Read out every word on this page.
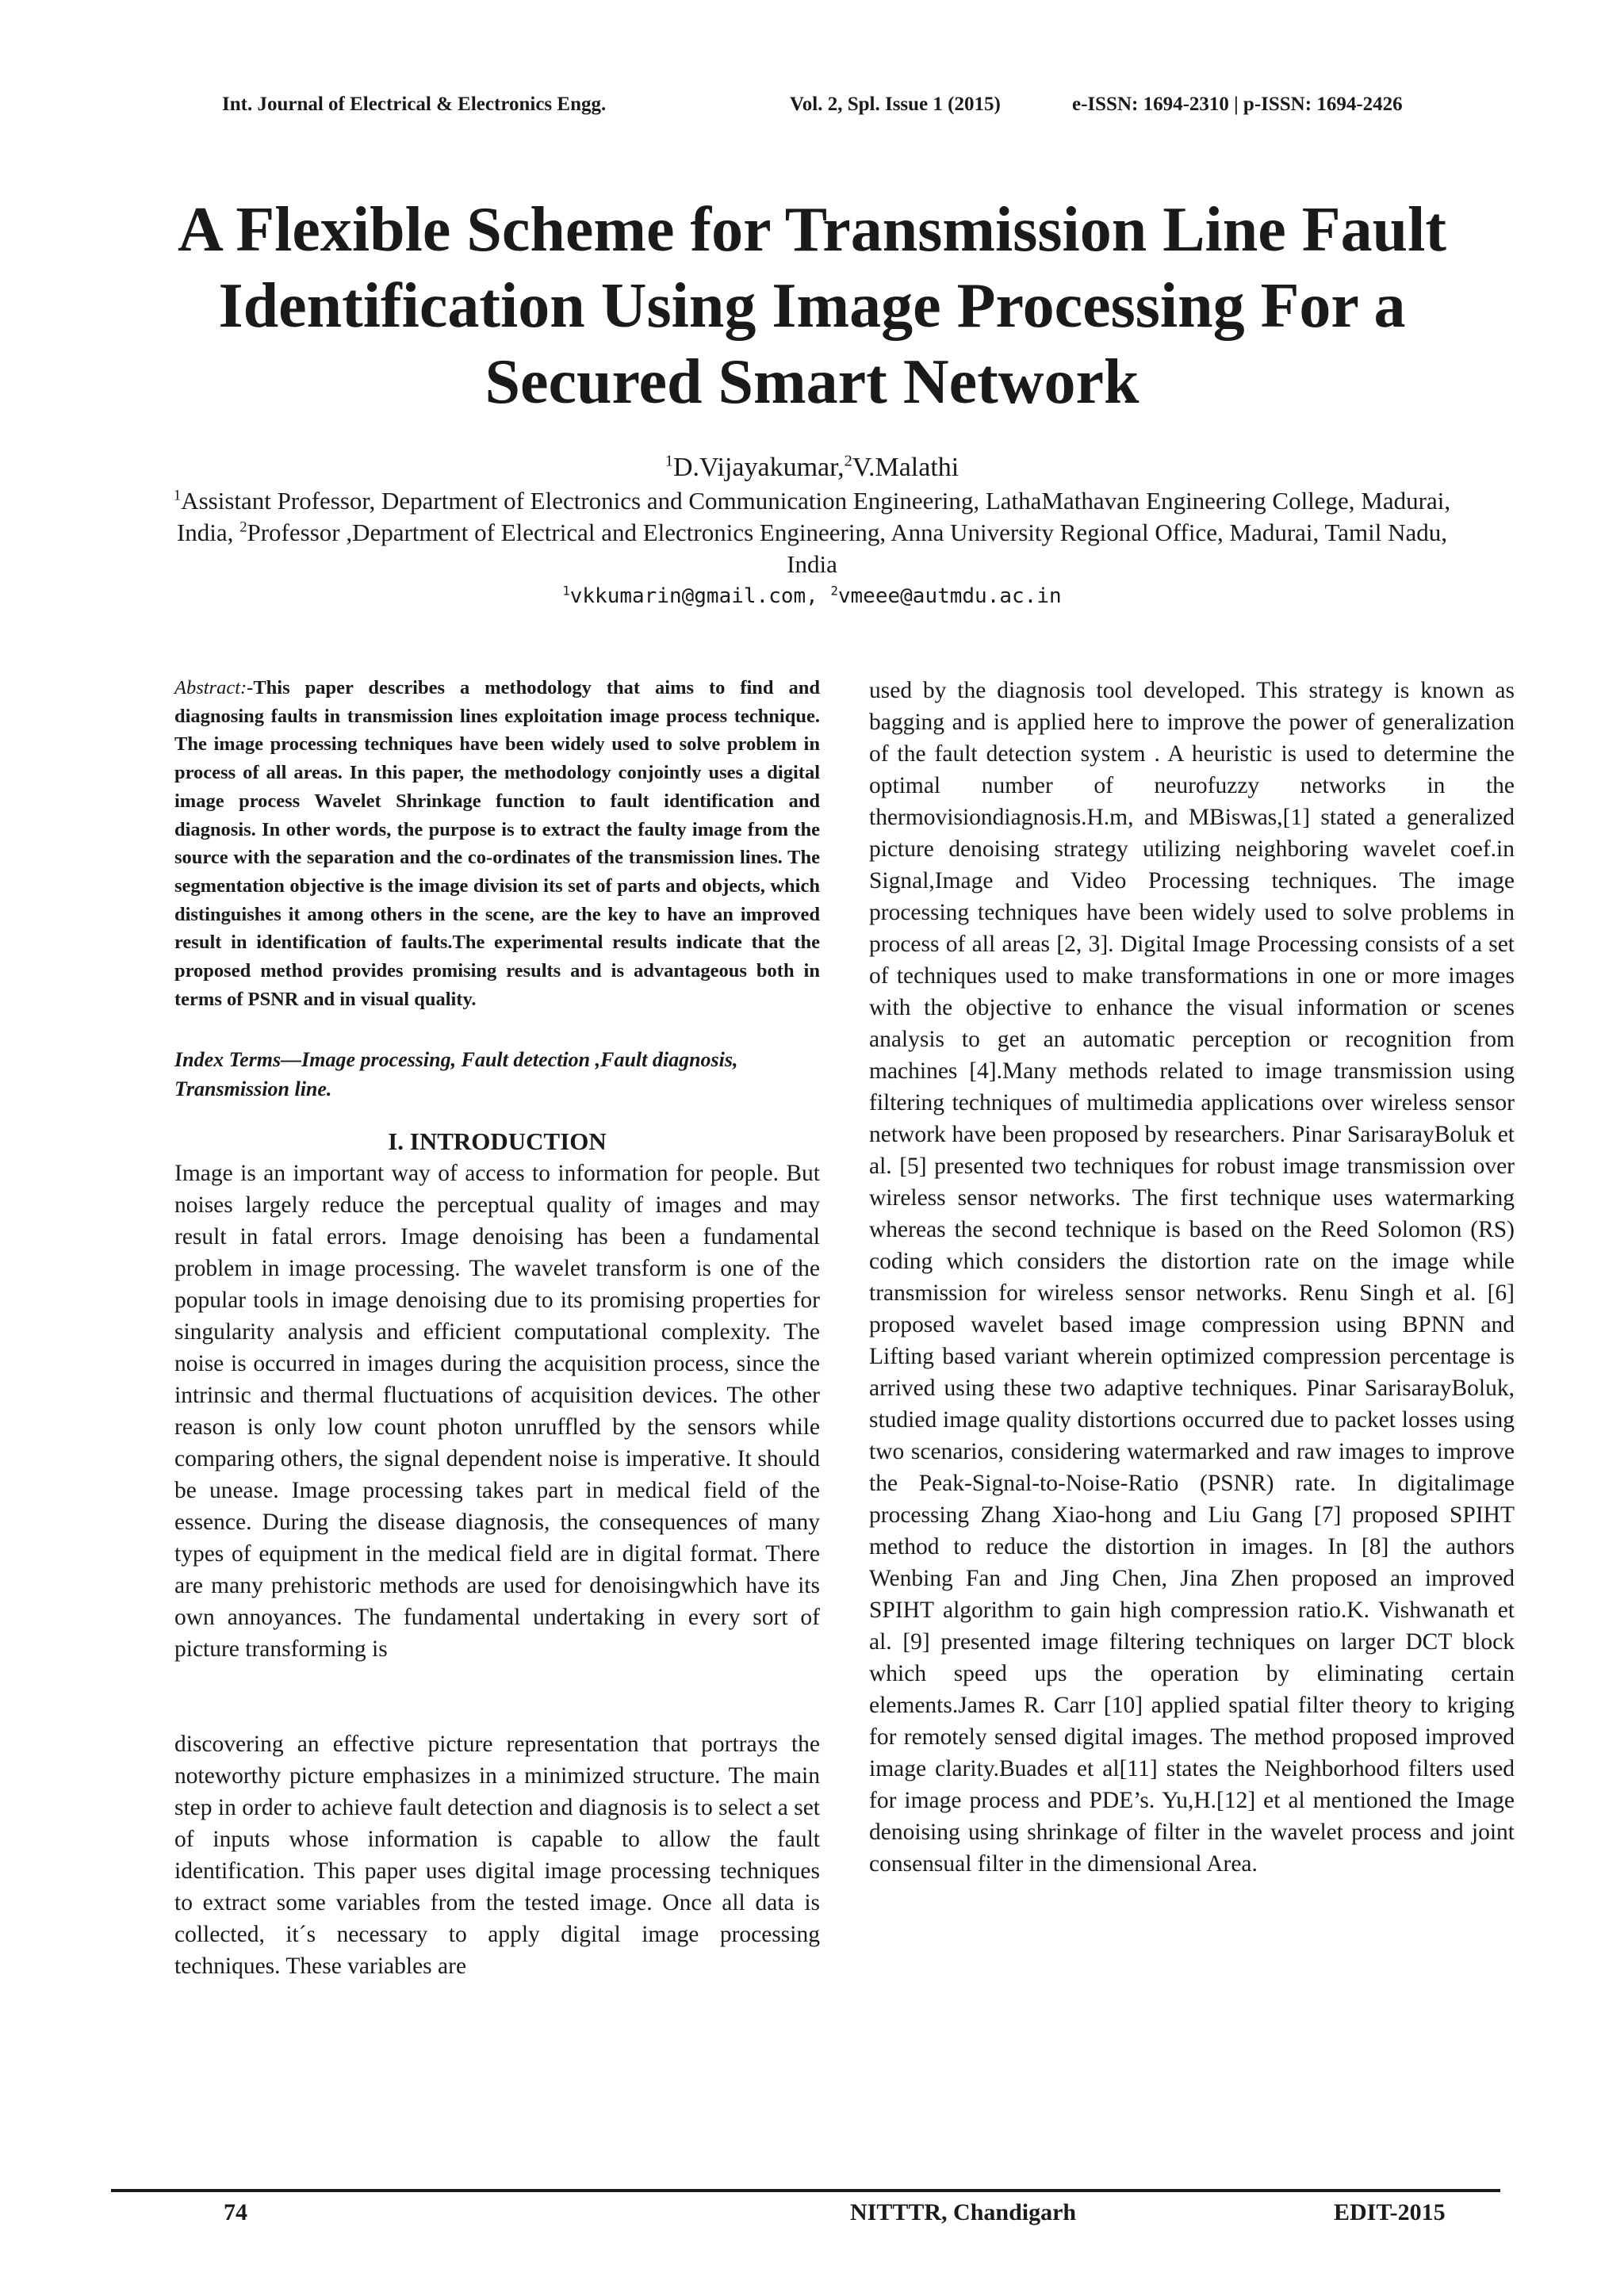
Int. Journal of Electrical & Electronics Engg.	Vol. 2, Spl. Issue 1 (2015)	e-ISSN: 1694-2310 | p-ISSN: 1694-2426
A Flexible Scheme for Transmission Line Fault Identification Using Image Processing For a Secured Smart Network
$^1$D.Vijayakumar,$^2$V.Malathi
$^1$Assistant Professor, Department of Electronics and Communication Engineering, LathaMathavan Engineering College, Madurai, India, $^2$Professor ,Department of Electrical and Electronics Engineering, Anna University Regional Office, Madurai, Tamil Nadu, India
$^1$vkkumarin@gmail.com, $^2$vmeee@autmdu.ac.in

Abstract:-This paper describes a methodology that aims to find and diagnosing faults in transmission lines exploitation image process technique. The image processing techniques have been widely used to solve problem in process of all areas. In this paper, the methodology conjointly uses a digital image process Wavelet Shrinkage function to fault identification and diagnosis. In other words, the purpose is to extract the faulty image from the source with the separation and the co-ordinates of the transmission lines. The segmentation objective is the image division its set of parts and objects, which distinguishes it among others in the scene, are the key to have an improved result in identification of faults.The experimental results indicate that the proposed method provides promising results and is advantageous both in terms of PSNR and in visual quality.

Index Terms—Image processing, Fault detection ,Fault diagnosis, Transmission line.

I. INTRODUCTION

Image is an important way of access to information for people. But noises largely reduce the perceptual quality of images and may result in fatal errors. Image denoising has been a fundamental problem in image processing. The wavelet transform is one of the popular tools in image denoising due to its promising properties for singularity analysis and efficient computational complexity. The noise is occurred in images during the acquisition process, since the intrinsic and thermal fluctuations of acquisition devices. The other reason is only low count photon unruffled by the sensors while comparing others, the signal dependent noise is imperative. It should be unease. Image processing takes part in medical field of the essence. During the disease diagnosis, the consequences of many types of equipment in the medical field are in digital format. There are many prehistoric methods are used for denoisingwhich have its own annoyances. The fundamental undertaking in every sort of picture transforming is

discovering an effective picture representation that portrays the noteworthy picture emphasizes in a minimized structure. The main step in order to achieve fault detection and diagnosis is to select a set of inputs whose information is capable to allow the fault identification. This paper uses digital image processing techniques to extract some variables from the tested image. Once all data is collected, it´s necessary to apply digital image processing techniques. These variables are

used by the diagnosis tool developed. This strategy is known as bagging and is applied here to improve the power of generalization of the fault detection system . A heuristic is used to determine the optimal number of neurofuzzy networks in the thermovisiondiagnosis.H.m, and MBiswas,[1] stated a generalized picture denoising strategy utilizing neighboring wavelet coef.in Signal,Image and Video Processing techniques. The image processing techniques have been widely used to solve problems in process of all areas [2, 3]. Digital Image Processing consists of a set of techniques used to make transformations in one or more images with the objective to enhance the visual information or scenes analysis to get an automatic perception or recognition from machines [4].Many methods related to image transmission using filtering techniques of multimedia applications over wireless sensor network have been proposed by researchers. Pinar SarisarayBoluk et al. [5] presented two techniques for robust image transmission over wireless sensor networks. The first technique uses watermarking whereas the second technique is based on the Reed Solomon (RS) coding which considers the distortion rate on the image while transmission for wireless sensor networks. Renu Singh et al. [6] proposed wavelet based image compression using BPNN and Lifting based variant wherein optimized compression percentage is arrived using these two adaptive techniques. Pinar SarisarayBoluk, studied image quality distortions occurred due to packet losses using two scenarios, considering watermarked and raw images to improve the Peak-Signal-to-Noise-Ratio (PSNR) rate. In digitalimage processing Zhang Xiao-hong and Liu Gang [7] proposed SPIHT method to reduce the distortion in images. In [8] the authors Wenbing Fan and Jing Chen, Jina Zhen proposed an improved SPIHT algorithm to gain high compression ratio.K. Vishwanath et al. [9] presented image filtering techniques on larger DCT block which speed ups the operation by eliminating certain elements.James R. Carr [10] applied spatial filter theory to kriging for remotely sensed digital images. The method proposed improved image clarity.Buades et al[11] states the Neighborhood filters used for image process and PDE’s. Yu,H.[12] et al mentioned the Image denoising using shrinkage of filter in the wavelet process and joint consensual filter in the dimensional Area.

74	NITTTR, Chandigarh	EDIT-2015
